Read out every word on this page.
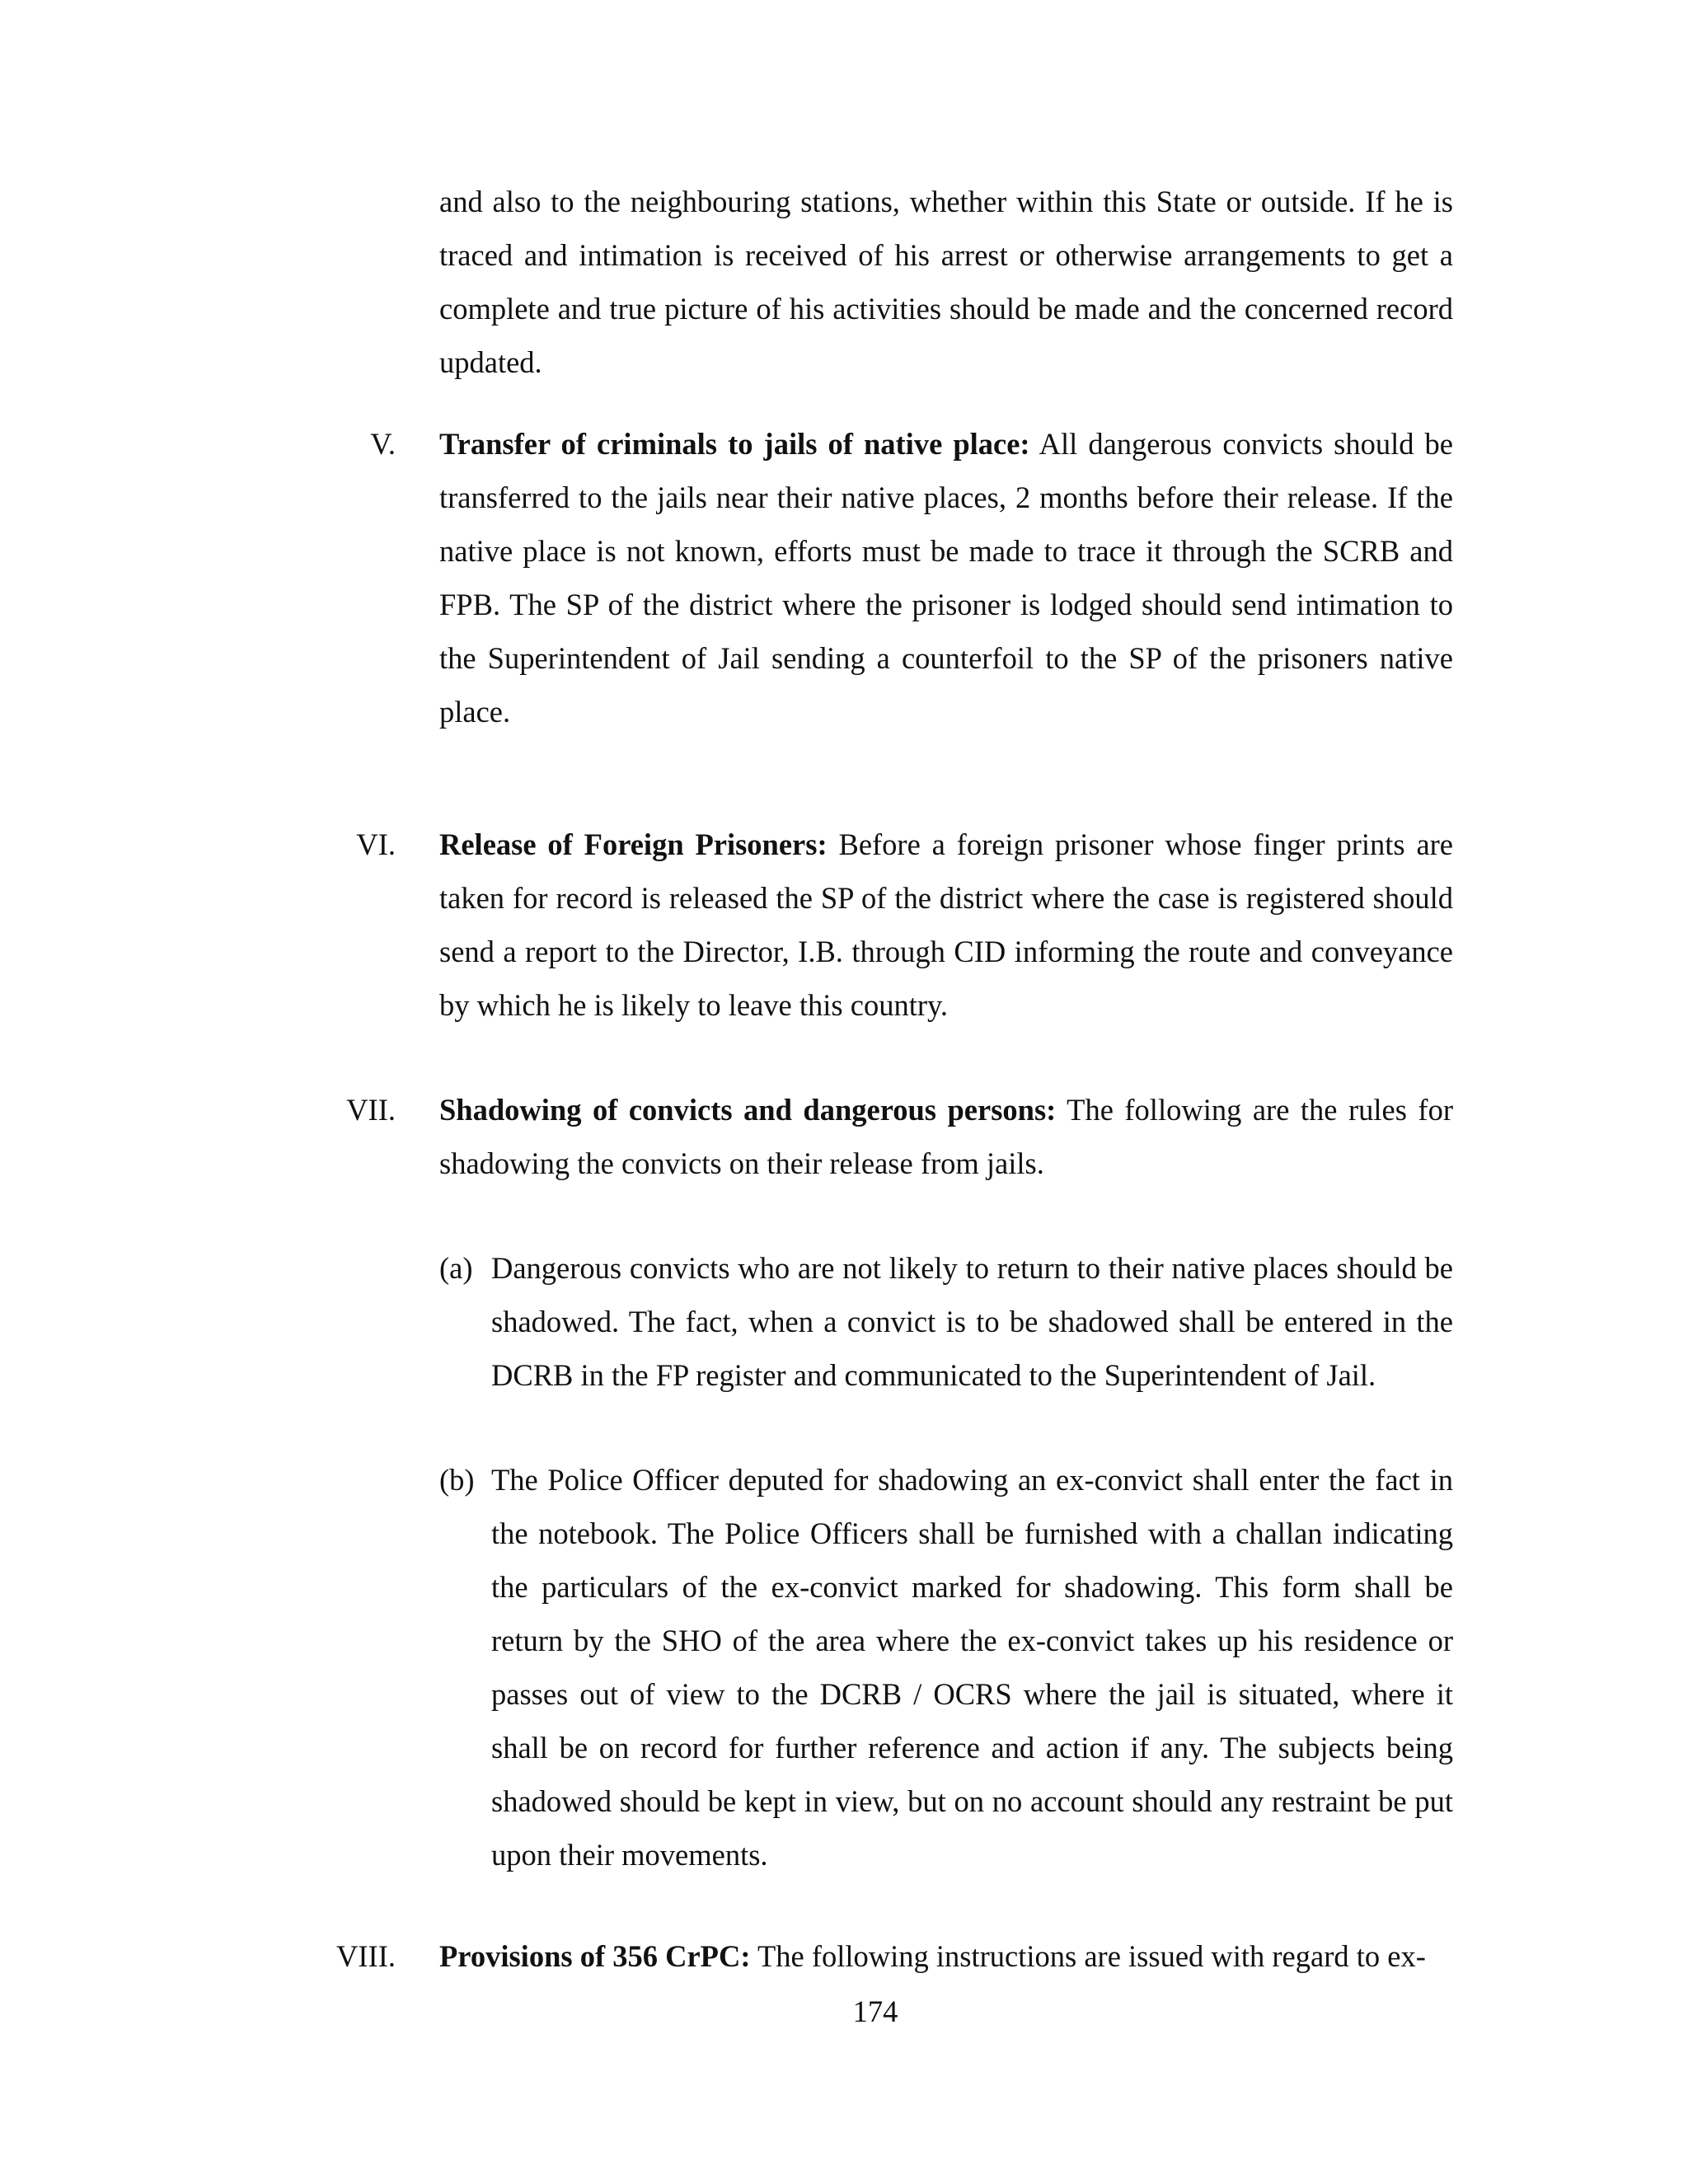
and also to the neighbouring stations, whether within this State or outside. If he is traced and intimation is received of his arrest or otherwise arrangements to get a complete and true picture of his activities should be made and the concerned record updated.

V. Transfer of criminals to jails of native place: All dangerous convicts should be transferred to the jails near their native places, 2 months before their release. If the native place is not known, efforts must be made to trace it through the SCRB and FPB. The SP of the district where the prisoner is lodged should send intimation to the Superintendent of Jail sending a counterfoil to the SP of the prisoners native place.

VI. Release of Foreign Prisoners: Before a foreign prisoner whose finger prints are taken for record is released the SP of the district where the case is registered should send a report to the Director, I.B. through CID informing the route and conveyance by which he is likely to leave this country.

VII. Shadowing of convicts and dangerous persons: The following are the rules for shadowing the convicts on their release from jails.

(a) Dangerous convicts who are not likely to return to their native places should be shadowed. The fact, when a convict is to be shadowed shall be entered in the DCRB in the FP register and communicated to the Superintendent of Jail.

(b) The Police Officer deputed for shadowing an ex-convict shall enter the fact in the notebook. The Police Officers shall be furnished with a challan indicating the particulars of the ex-convict marked for shadowing. This form shall be return by the SHO of the area where the ex-convict takes up his residence or passes out of view to the DCRB / OCRS where the jail is situated, where it shall be on record for further reference and action if any. The subjects being shadowed should be kept in view, but on no account should any restraint be put upon their movements.

VIII. Provisions of 356 CrPC: The following instructions are issued with regard to ex-

174
